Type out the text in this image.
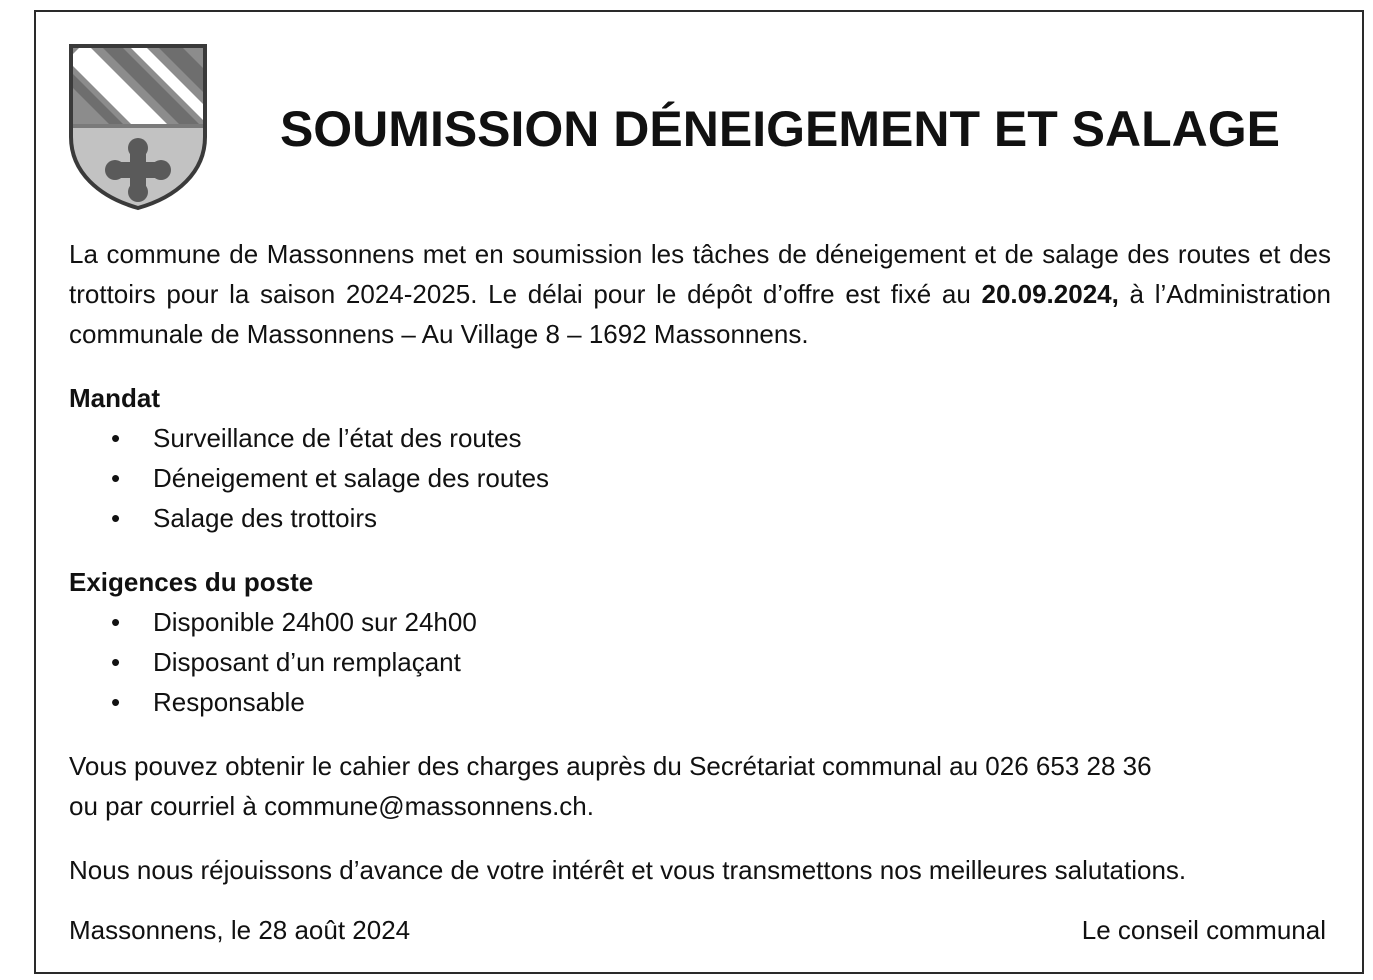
SOUMISSION DÉNEIGEMENT ET SALAGE

La commune de Massonnens met en soumission les tâches de déneigement et de salage des routes et des trottoirs pour la saison 2024-2025. Le délai pour le dépôt d’offre est fixé au 20.09.2024, à l’Administration communale de Massonnens – Au Village 8 – 1692 Massonnens.

Mandat
• Surveillance de l’état des routes
• Déneigement et salage des routes
• Salage des trottoirs
Exigences du poste
• Disponible 24h00 sur 24h00
• Disposant d’un remplaçant
• Responsable

Vous pouvez obtenir le cahier des charges auprès du Secrétariat communal au 026 653 28 36
ou par courriel à commune@massonnens.ch.

Nous nous réjouissons d’avance de votre intérêt et vous transmettons nos meilleures salutations.

Massonnens, le 28 août 2024	Le conseil communal
